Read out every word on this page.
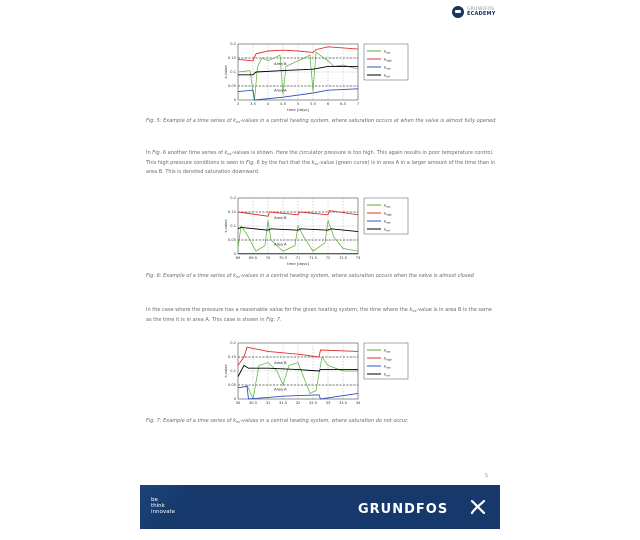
GRUNDFOS
ECADEMY
3	3.5	4	4.5	5	5.5	6	6.5	7
0
0.05
0.1
0.15
0.2
Area B
Area A
k-value
time [days]
$k_{sys}$
$k_{high}$
$k_{low}$
$k_{ref}$
Fig. 5: Example of a time series of $k_{ex}$-values in a central heating system, where saturation occurs at when the valve is almost fully opened
In Fig. 6 another time series of $k_{ex}$-values is shown. Here the circulator pressure is too high. This again results in poor temperature control. This high pressure conditions is seen in Fig. 6 by the fact that the $k_{ex}$-value (green curve) is in area A in a larger amount of the time than in area B. This is denoted saturation downward.
69 69.5 70 70.5 71 71.5 72 72.5 73
0
0.05
0.1
0.15
0.2
Area B
Area A
k-value
time [days]
$k_{sys}$
$k_{high}$
$k_{low}$
$k_{ref}$
Fig. 6: Example of a time series of $k_{ex}$-values in a central heating system, where saturation occurs when the valve is almost closed
In the case where the pressure has a reasonable value for the given heating system, the time where the $k_{ex}$-value is in area B is the same as the time it is in area A. This case is shown in Fig. 7.
30 30.5 31 31.5 32 32.5 33 33.5 34
0
0.05
0.1
0.15
0.2
Area B
Area A
k-value
$k_{sys}$
$k_{high}$
$k_{low}$
$k_{ref}$
Fig. 7: Example of a time series of $k_{ex}$-values in a central heating system, where saturation do not occur.
5
be
think
innovate	GRUNDFOS
